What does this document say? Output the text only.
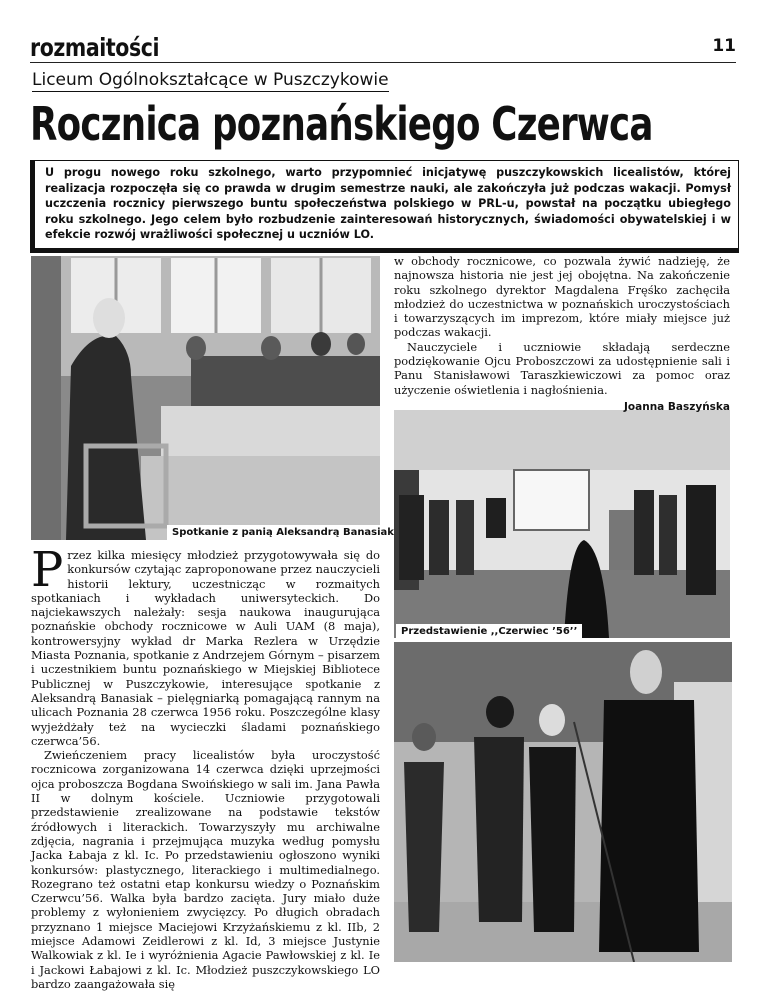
rozmaitości	11
Liceum Ogólnokształcące w Puszczykowie
Rocznica poznańskiego Czerwca
U progu nowego roku szkolnego, warto przypomnieć inicjatywę puszczykowskich licealistów, której realizacja rozpoczęła się co prawda w drugim semestrze nauki, ale zakończyła już podczas wakacji. Pomysł uczczenia rocznicy pierwszego buntu społeczeństwa polskiego w PRL-u, powstał na początku ubiegłego roku szkolnego. Jego celem było rozbudzenie zainteresowań historycznych, świadomości obywatelskiej i w efekcie rozwój wrażliwości społecznej u uczniów LO.
Spotkanie z panią Aleksandrą Banasiak
Przedstawienie ,,Czerwiec ’56’’

Przez kilka miesięcy młodzież przygotowywała się do konkursów czytając zaproponowane przez nauczycieli historii lektury, uczestnicząc w rozmaitych spotkaniach i wykładach uniwersyteckich. Do najciekawszych należały: sesja naukowa inaugurująca poznańskie obchody rocznicowe w Auli UAM (8 maja), kontrowersyjny wykład dr Marka Rezlera w Urzędzie Miasta Poznania, spotkanie z Andrzejem Górnym – pisarzem i uczestnikiem buntu poznańskiego w Miejskiej Bibliotece Publicznej w Puszczykowie, interesujące spotkanie z Aleksandrą Banasiak – pielęgniarką pomagającą rannym na ulicach Poznania 28 czerwca 1956 roku. Poszczególne klasy wyjeżdżały też na wycieczki śladami poznańskiego czerwca’56.

Zwieńczeniem pracy licealistów była uroczystość rocznicowa zorganizowana 14 czerwca dzięki uprzejmości ojca proboszcza Bogdana Swoińskiego w sali im. Jana Pawła II w dolnym kościele. Uczniowie przygotowali przedstawienie zrealizowane na podstawie tekstów źródłowych i literackich. Towarzyszyły mu archiwalne zdjęcia, nagrania i przejmująca muzyka według pomysłu Jacka Łabaja z kl. Ic. Po przedstawieniu ogłoszono wyniki konkursów: plastycznego, literackiego i multimedialnego. Rozegrano też ostatni etap konkursu wiedzy o Poznańskim Czerwcu’56. Walka była bardzo zacięta. Jury miało duże problemy z wyłonieniem zwycięzcy. Po długich obradach przyznano 1 miejsce Maciejowi Krzyżańskiemu z kl. IIb, 2 miejsce Adamowi Zeidlerowi z kl. Id, 3 miejsce Justynie Walkowiak z kl. Ie i wyróżnienia Agacie Pawłowskiej z kl. Ie i Jackowi Łabajowi z kl. Ic. Młodzież puszczykowskiego LO bardzo zaangażowała się

w obchody rocznicowe, co pozwala żywić nadzieję, że najnowsza historia nie jest jej obojętna. Na zakończenie roku szkolnego dyrektor Magdalena Fręśko zachęciła młodzież do uczestnictwa w poznańskich uroczystościach i towarzyszących im imprezom, które miały miejsce już podczas wakacji.

Nauczyciele i uczniowie składają serdeczne podziękowanie Ojcu Proboszczowi za udostępnienie sali i Panu Stanisławowi Taraszkiewiczowi za pomoc oraz użyczenie oświetlenia i nagłośnienia.

Joanna Baszyńska
